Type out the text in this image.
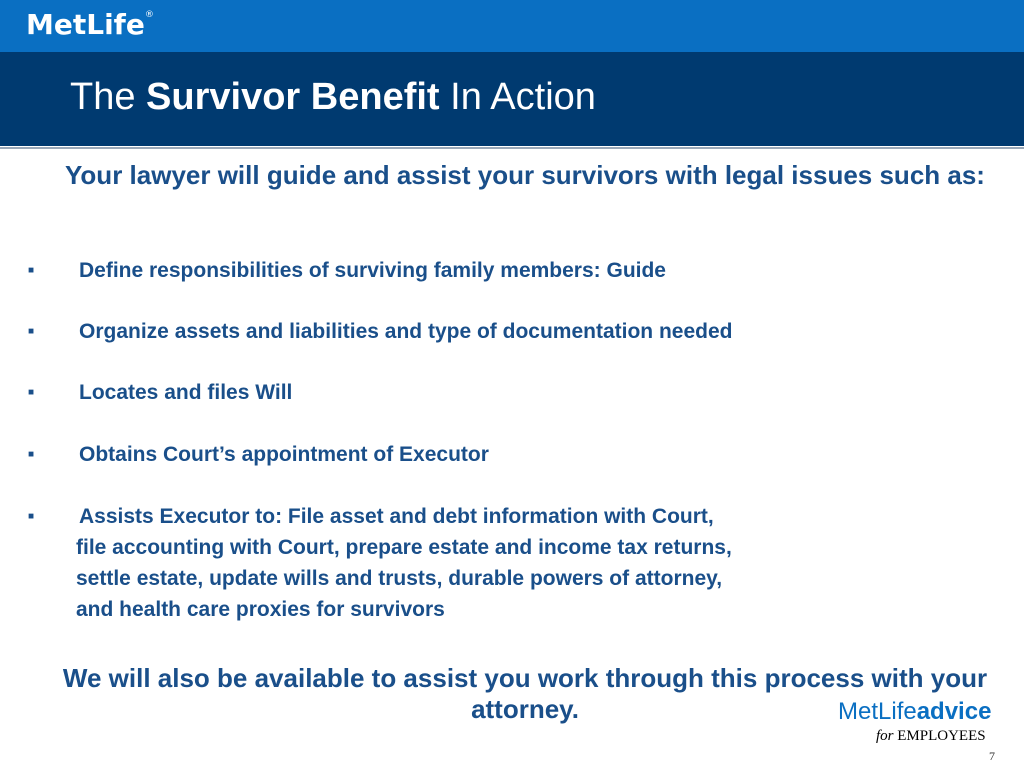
MetLife®
The Survivor Benefit In Action
Your lawyer will guide and assist your survivors with legal issues such as:
■ Define responsibilities of surviving family members: Guide
■ Organize assets and liabilities and type of documentation needed
■ Locates and files Will
■ Obtains Court’s appointment of Executor
■ Assists Executor to: File asset and debt information with Court,
file accounting with Court, prepare estate and income tax returns,
settle estate, update wills and trusts, durable powers of attorney,
and health care proxies for survivors
We will also be available to assist you work through this process with your attorney.	MetLifeadvice
for EMPLOYEES
7
